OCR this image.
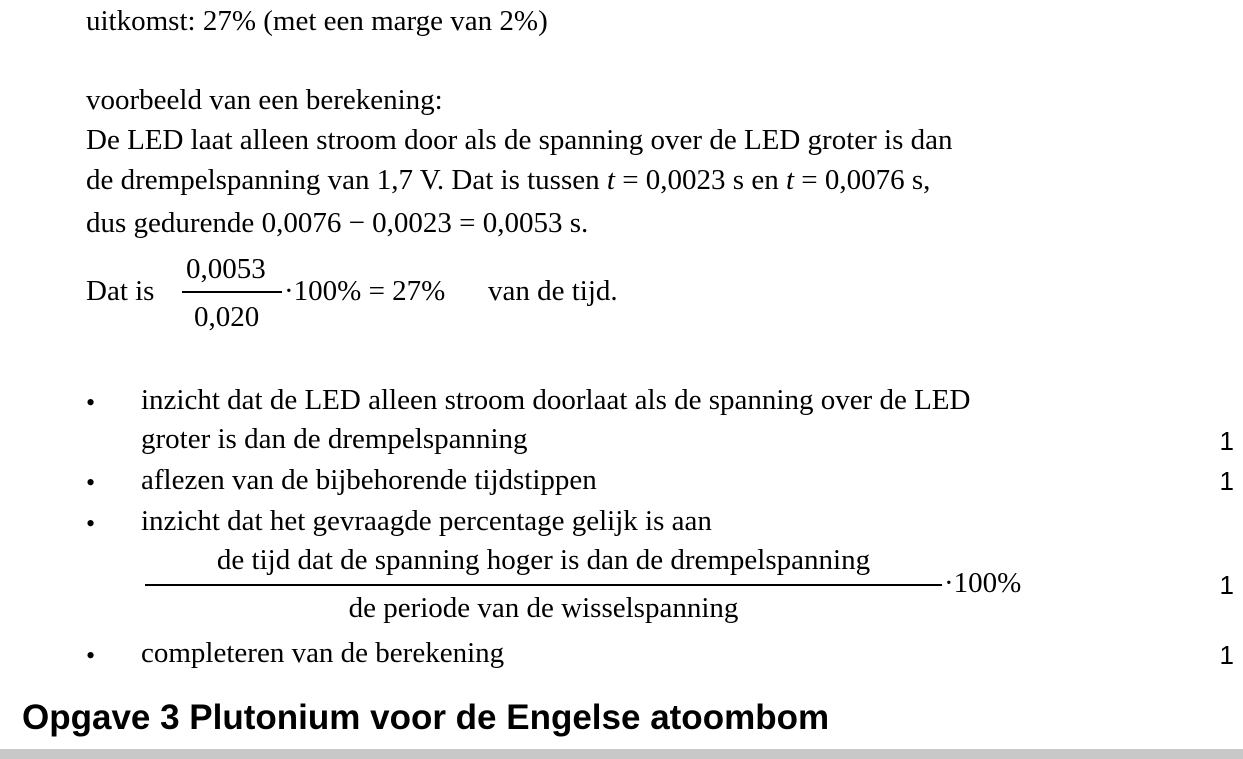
uitkomst: 27% (met een marge van 2%)
voorbeeld van een berekening:
De LED laat alleen stroom door als de spanning over de LED groter is dan
de drempelspanning van 1,7 V. Dat is tussen t = 0,0023 s en t = 0,0076 s,
dus gedurende 0,0076 − 0,0023 = 0,0053 s.
Dat is
0,0053
0,020
·100% = 27% van de tijd.
• inzicht dat de LED alleen stroom doorlaat als de spanning over de LED
groter is dan de drempelspanning	1
• aflezen van de bijbehorende tijdstippen	1
• inzicht dat het gevraagde percentage gelijk is aan
de tijd dat de spanning hoger is dan de drempelspanning
de periode van de wisselspanning
·100%	1
• completeren van de berekening	1
Opgave 3 Plutonium voor de Engelse atoombom
